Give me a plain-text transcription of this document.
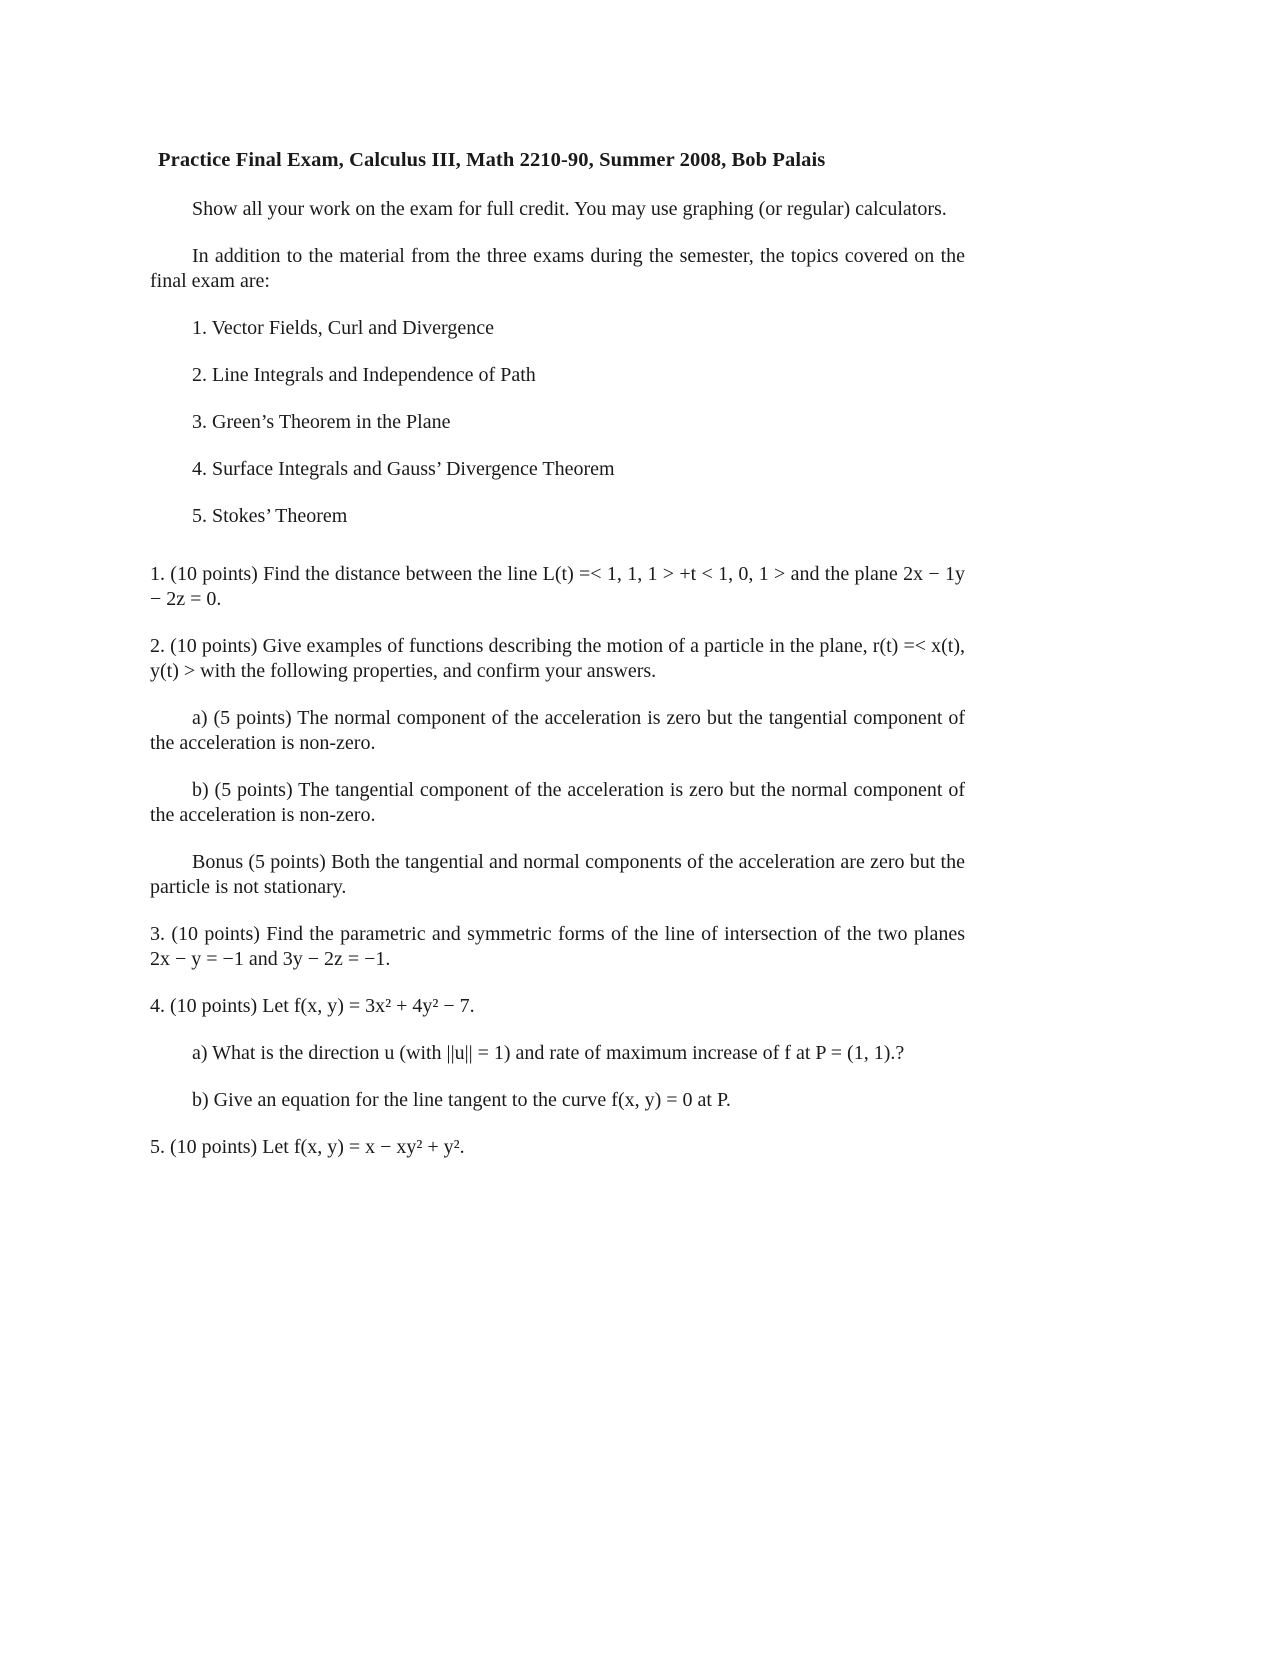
Practice Final Exam, Calculus III, Math 2210-90, Summer 2008, Bob Palais

Show all your work on the exam for full credit. You may use graphing (or regular) calculators.

In addition to the material from the three exams during the semester, the topics covered on the final exam are:

1. Vector Fields, Curl and Divergence
2. Line Integrals and Independence of Path
3. Green’s Theorem in the Plane
4. Surface Integrals and Gauss’ Divergence Theorem
5. Stokes’ Theorem

1. (10 points) Find the distance between the line L(t) =< 1, 1, 1 > +t < 1, 0, 1 > and the plane 2x − 1y − 2z = 0.

2. (10 points) Give examples of functions describing the motion of a particle in the plane, r(t) =< x(t), y(t) > with the following properties, and confirm your answers.

a) (5 points) The normal component of the acceleration is zero but the tangential component of the acceleration is non-zero.

b) (5 points) The tangential component of the acceleration is zero but the normal component of the acceleration is non-zero.

Bonus (5 points) Both the tangential and normal components of the acceleration are zero but the particle is not stationary.

3. (10 points) Find the parametric and symmetric forms of the line of intersection of the two planes 2x − y = −1 and 3y − 2z = −1.

4. (10 points) Let f(x, y) = 3x² + 4y² − 7.

a) What is the direction u (with ||u|| = 1) and rate of maximum increase of f at P = (1, 1).?

b) Give an equation for the line tangent to the curve f(x, y) = 0 at P.

5. (10 points) Let f(x, y) = x − xy² + y².
